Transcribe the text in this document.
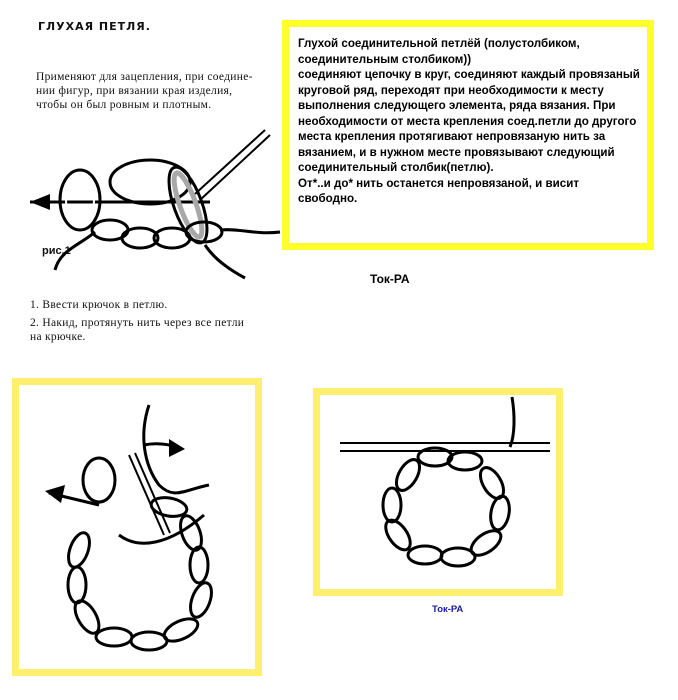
ГЛУХАЯ ПЕТЛЯ.
Применяют для зацепления, при соедине-
нии фигур, при вязании края изделия,
чтобы он был ровным и плотным.
рис.1
1. Ввести крючок в петлю.
2. Накид, протянуть нить через все петли
на крючке.

Глухой соединительной петлёй (полустолбиком, соединительным столбиком))

соединяют цепочку в круг, соединяют каждый провязаный круговой ряд, переходят при необходимости к месту выполнения следующего элемента, ряда вязания. При необходимости от места крепления соед.петли до другого места крепления протягивают непровязаную нить за вязанием, и в нужном месте провязывают следующий соединительный столбик(петлю).

От*..и до* нить останется непровязаной, и висит свободно.

Ток-РА
Ток-РА
